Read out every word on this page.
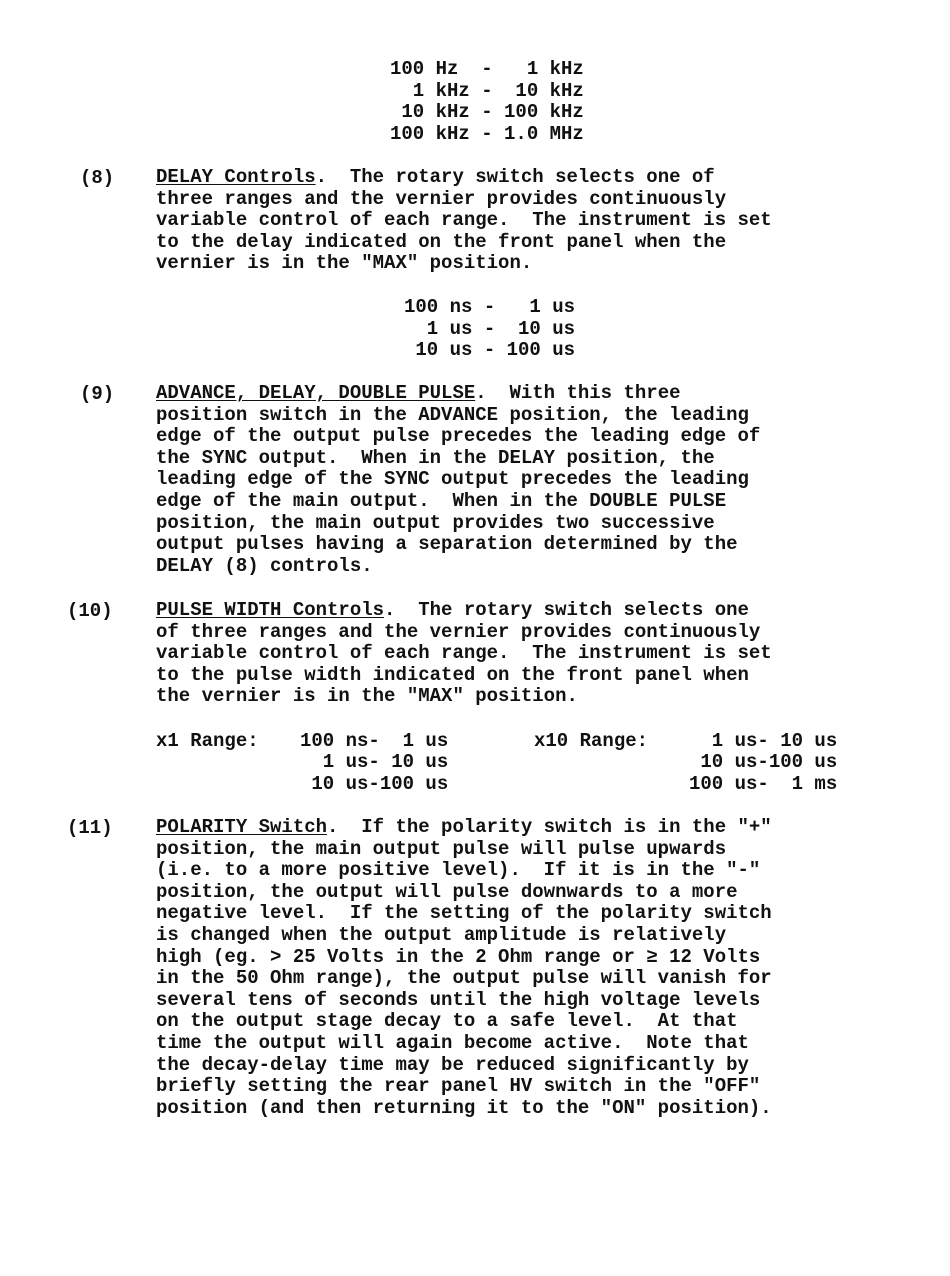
100 Hz  -   1 kHz
1 kHz -  10 kHz
10 kHz - 100 kHz
100 kHz - 1.0 MHz
(8) DELAY Controls.  The rotary switch selects one of
three ranges and the vernier provides continuously
variable control of each range.  The instrument is set
to the delay indicated on the front panel when the
vernier is in the "MAX" position.
100 ns -   1 us
1 us -  10 us
10 us - 100 us
(9) ADVANCE, DELAY, DOUBLE PULSE.  With this three
position switch in the ADVANCE position, the leading
edge of the output pulse precedes the leading edge of
the SYNC output.  When in the DELAY position, the
leading edge of the SYNC output precedes the leading
edge of the main output.  When in the DOUBLE PULSE
position, the main output provides two successive
output pulses having a separation determined by the
DELAY (8) controls.
(10) PULSE WIDTH Controls.  The rotary switch selects one
of three ranges and the vernier provides continuously
variable control of each range.  The instrument is set
to the pulse width indicated on the front panel when
the vernier is in the "MAX" position.
x1 Range: 100 ns-  1 us
1 us- 10 us
10 us-100 us
x10 Range: 1 us- 10 us
10 us-100 us
100 us-  1 ms
(11) POLARITY Switch.  If the polarity switch is in the "+"
position, the main output pulse will pulse upwards
(i.e. to a more positive level).  If it is in the "-"
position, the output will pulse downwards to a more
negative level.  If the setting of the polarity switch
is changed when the output amplitude is relatively
high (eg. > 25 Volts in the 2 Ohm range or ≥ 12 Volts
in the 50 Ohm range), the output pulse will vanish for
several tens of seconds until the high voltage levels
on the output stage decay to a safe level.  At that
time the output will again become active.  Note that
the decay-delay time may be reduced significantly by
briefly setting the rear panel HV switch in the "OFF"
position (and then returning it to the "ON" position).
